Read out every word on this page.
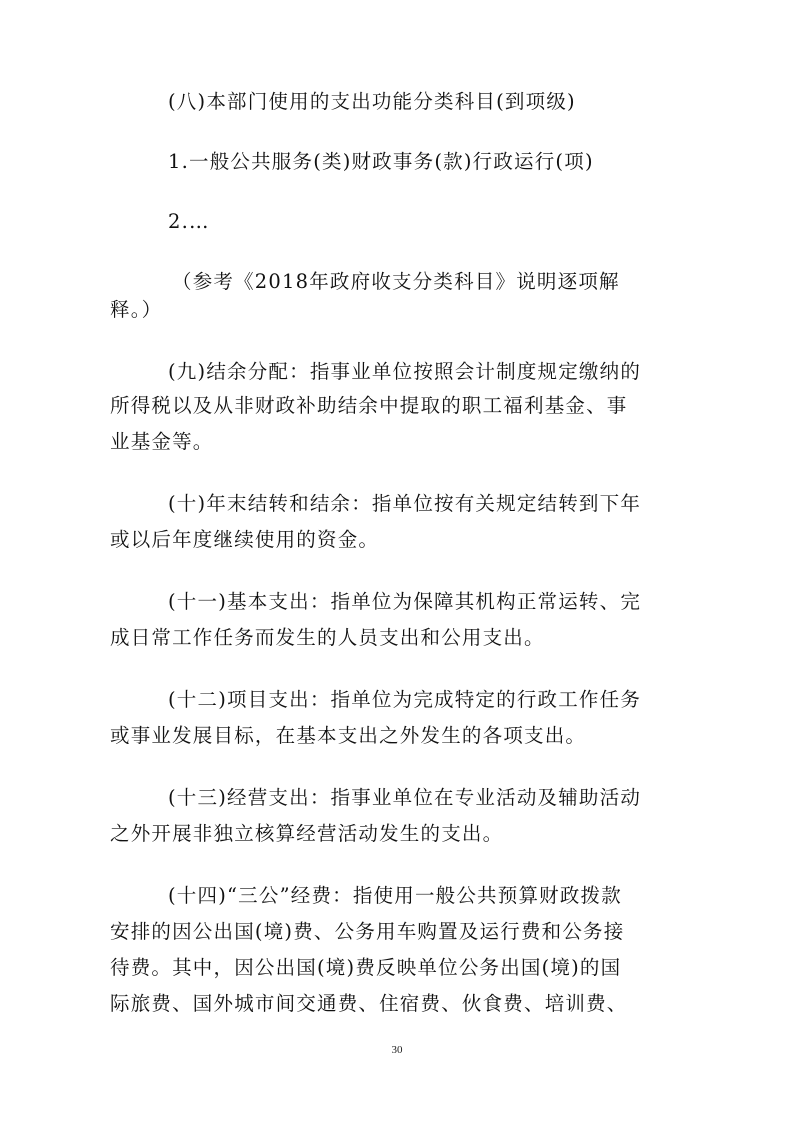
(八)本部门使用的支出功能分类科目(到项级)
1.一般公共服务(类)财政事务(款)行政运行(项)
2.…
（参考《2018年政府收支分类科目》说明逐项解
释。）
(九)结余分配：指事业单位按照会计制度规定缴纳的
所得税以及从非财政补助结余中提取的职工福利基金、事
业基金等。
(十)年末结转和结余：指单位按有关规定结转到下年
或以后年度继续使用的资金。
(十一)基本支出：指单位为保障其机构正常运转、完
成日常工作任务而发生的人员支出和公用支出。
(十二)项目支出：指单位为完成特定的行政工作任务
或事业发展目标，在基本支出之外发生的各项支出。
(十三)经营支出：指事业单位在专业活动及辅助活动
之外开展非独立核算经营活动发生的支出。
(十四)“三公”经费：指使用一般公共预算财政拨款
安排的因公出国(境)费、公务用车购置及运行费和公务接
待费。其中，因公出国(境)费反映单位公务出国(境)的国
际旅费、国外城市间交通费、住宿费、伙食费、培训费、
30
